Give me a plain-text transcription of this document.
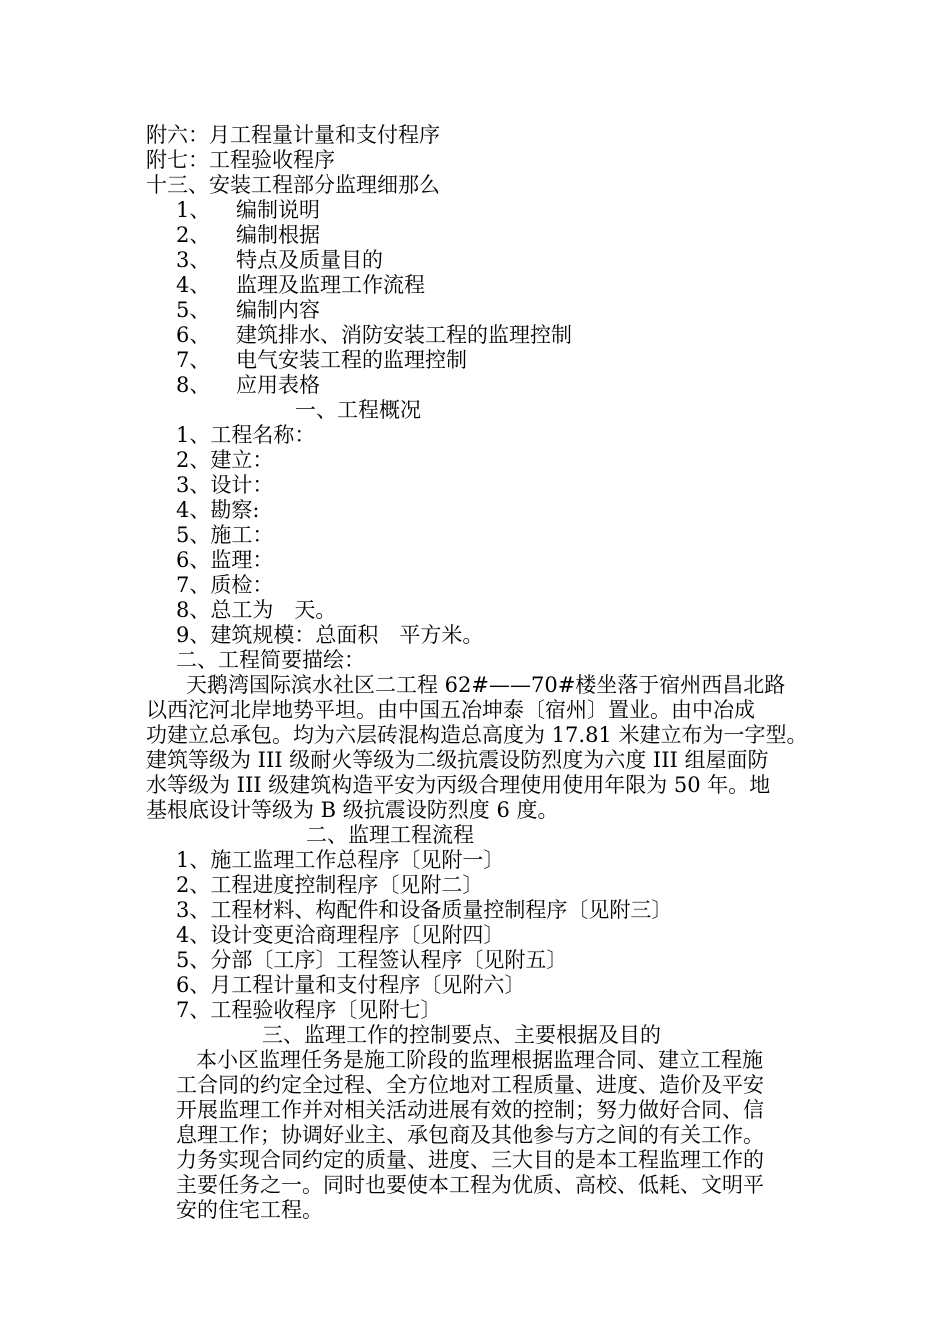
附六：月工程量计量和支付程序
附七：工程验收程序
十三、安装工程部分监理细那么
1、 编制说明
2、 编制根据
3、 特点及质量目的
4、 监理及监理工作流程
5、 编制内容
6、 建筑排水、消防安装工程的监理控制
7、 电气安装工程的监理控制
8、 应用表格
一、工程概况
1、工程名称：
2、建立：
3、设计：
4、勘察:
5、施工：
6、监理：
7、质检：
8、总工为　天。
9、建筑规模：总面积　平方米。
二、工程简要描绘：
天鹅湾国际滨水社区二工程 62#——70#楼坐落于宿州西昌北路
以西沱河北岸地势平坦。由中国五冶坤泰〔宿州〕置业。由中冶成
功建立总承包。均为六层砖混构造总高度为 17.81 米建立布为一字型。
建筑等级为 III 级耐火等级为二级抗震设防烈度为六度 III 组屋面防
水等级为 III 级建筑构造平安为丙级合理使用使用年限为 50 年。地
基根底设计等级为 B 级抗震设防烈度 6 度。
二、监理工程流程
1、施工监理工作总程序〔见附一〕
2、工程进度控制程序〔见附二〕
3、工程材料、构配件和设备质量控制程序〔见附三〕
4、设计变更洽商理程序〔见附四〕
5、分部〔工序〕工程签认程序〔见附五〕
6、月工程计量和支付程序〔见附六〕
7、工程验收程序〔见附七〕
三、监理工作的控制要点、主要根据及目的
本小区监理任务是施工阶段的监理根据监理合同、建立工程施
工合同的约定全过程、全方位地对工程质量、进度、造价及平安
开展监理工作并对相关活动进展有效的控制；努力做好合同、信
息理工作；协调好业主、承包商及其他参与方之间的有关工作。
力务实现合同约定的质量、进度、三大目的是本工程监理工作的
主要任务之一。同时也要使本工程为优质、高校、低耗、文明平
安的住宅工程。
